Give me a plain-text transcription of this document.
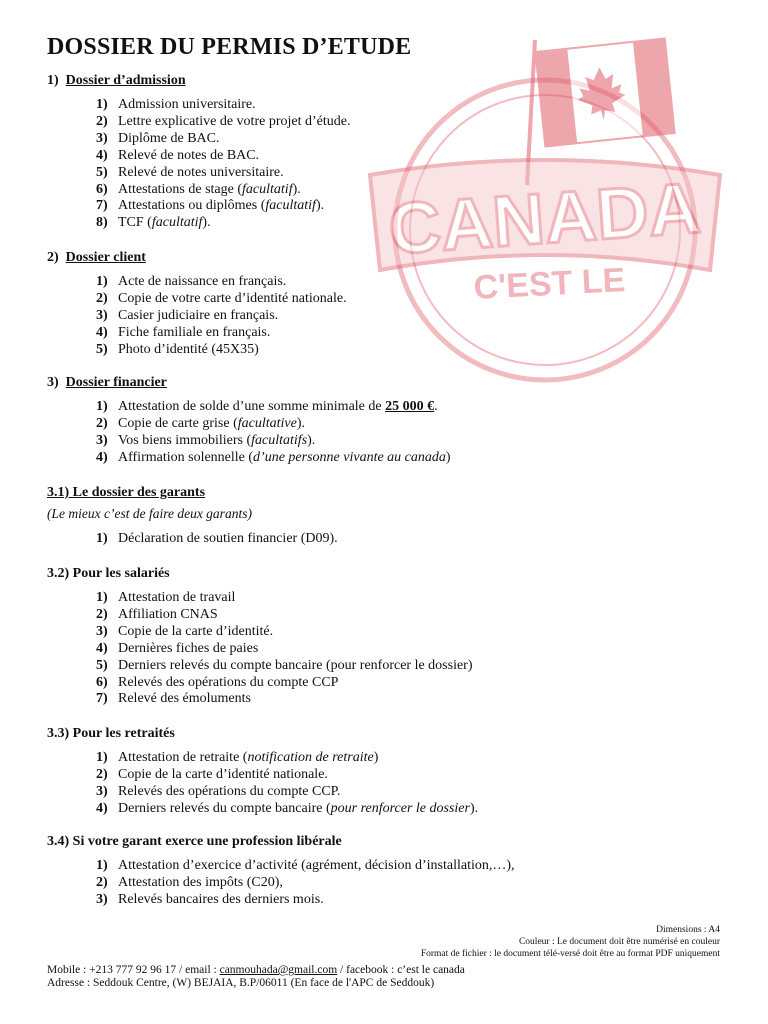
CANADA
C'EST LE
DOSSIER DU PERMIS D’ETUDE

1) Dossier d’admission

1) Admission universitaire.
2) Lettre explicative de votre projet d’étude.
3) Diplôme de BAC.
4) Relevé de notes de BAC.
5) Relevé de notes universitaire.
6) Attestations de stage (facultatif).
7) Attestations ou diplômes (facultatif).
8) TCF (facultatif).

2) Dossier client

1) Acte de naissance en français.
2) Copie de votre carte d’identité nationale.
3) Casier judiciaire en français.
4) Fiche familiale en français.
5) Photo d’identité (45X35)

3) Dossier financier

1) Attestation de solde d’une somme minimale de 25 000 €.
2) Copie de carte grise (facultative).
3) Vos biens immobiliers (facultatifs).
4) Affirmation solennelle (d’une personne vivante au canada)

3.1) Le dossier des garants

(Le mieux c’est de faire deux garants)

1) Déclaration de soutien financier (D09).

3.2) Pour les salariés

1) Attestation de travail
2) Affiliation CNAS
3) Copie de la carte d’identité.
4) Dernières fiches de paies
5) Derniers relevés du compte bancaire (pour renforcer le dossier)
6) Relevés des opérations du compte CCP
7) Relevé des émoluments

3.3) Pour les retraités

1) Attestation de retraite (notification de retraite)
2) Copie de la carte d’identité nationale.
3) Relevés des opérations du compte CCP.
4) Derniers relevés du compte bancaire (pour renforcer le dossier).

3.4) Si votre garant exerce une profession libérale

1) Attestation d’exercice d’activité (agrément, décision d’installation,…),
2) Attestation des impôts (C20),
3) Relevés bancaires des derniers mois.
Dimensions : A4
Couleur : Le document doit être numérisé en couleur
Format de fichier : le document télé-versé doit être au format PDF uniquement
Mobile : +213 777 92 96 17 / email : canmouhada@gmail.com / facebook : c’est le canada
Adresse : Seddouk Centre, (W) BEJAIA, B.P/06011 (En face de l'APC de Seddouk)
